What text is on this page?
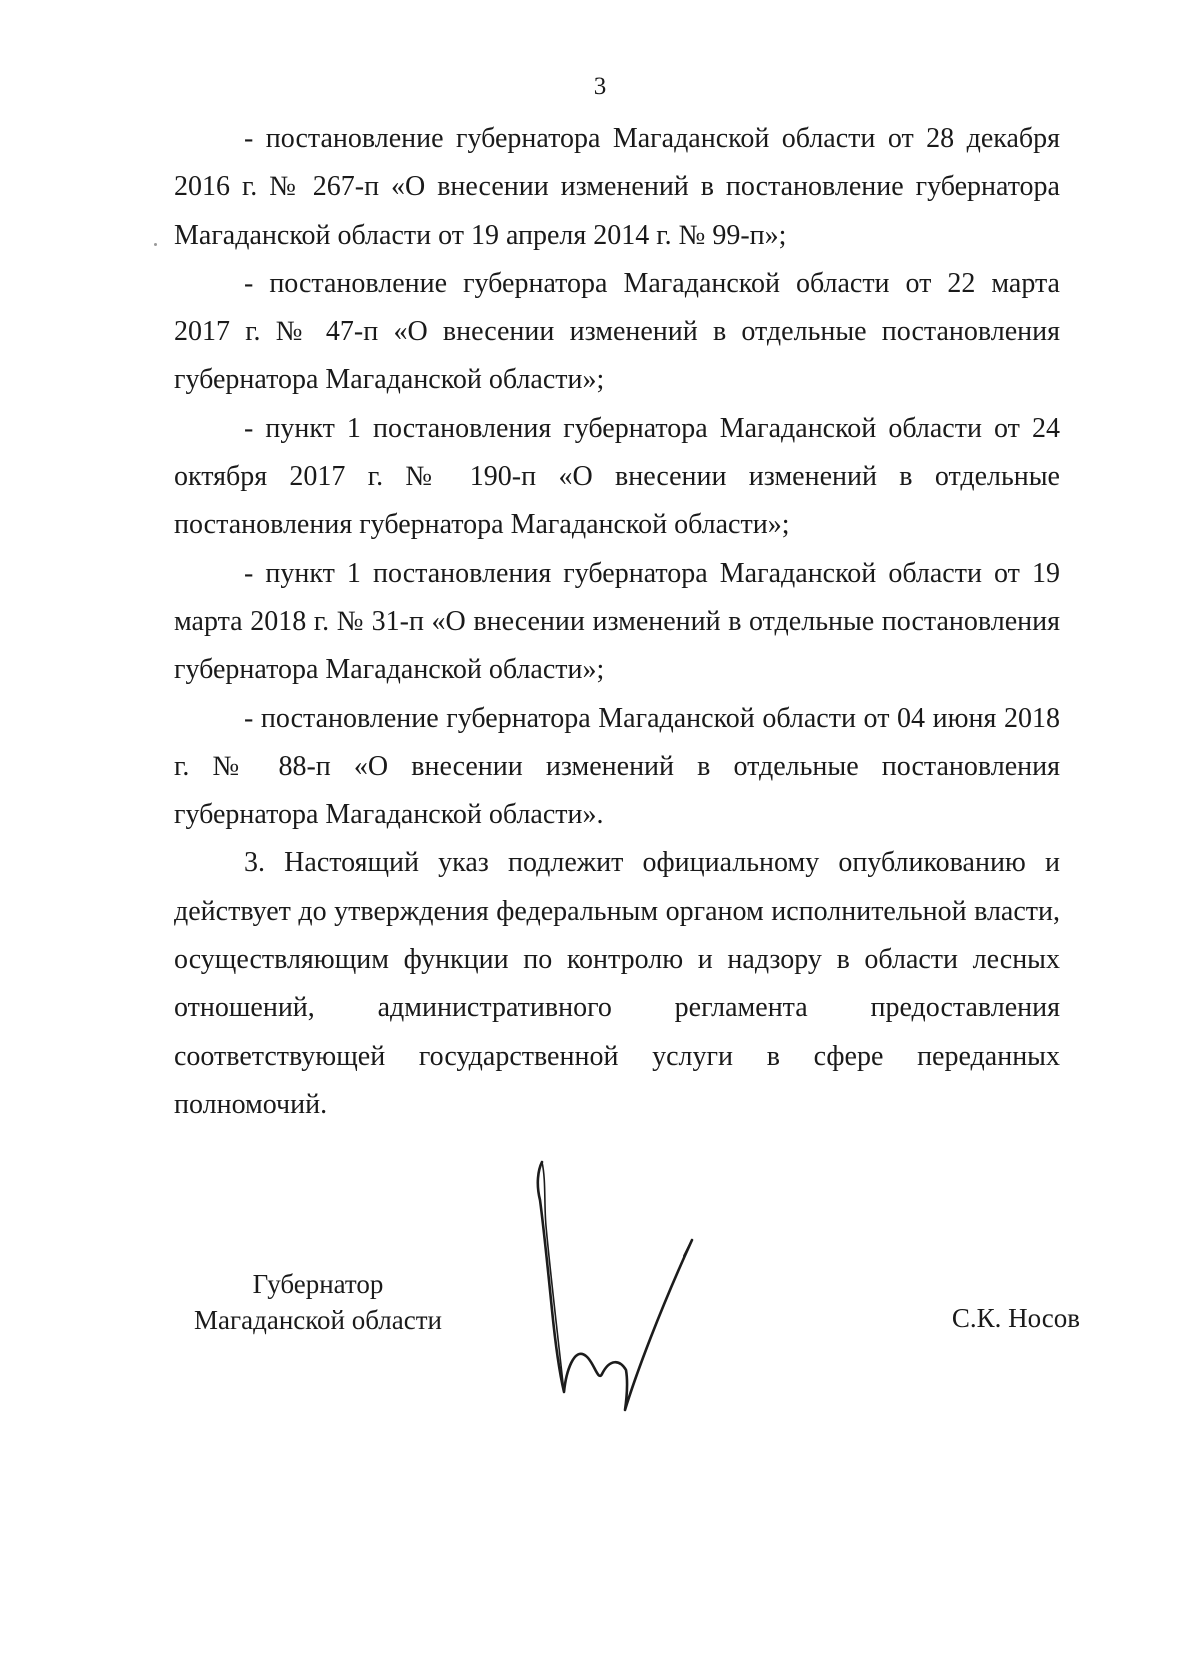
3

- постановление губернатора Магаданской области от 28 декабря 2016 г. № 267-п «О внесении изменений в постановление губернатора Магаданской области от 19 апреля 2014 г. № 99-п»;

- постановление губернатора Магаданской области от 22 марта 2017 г. № 47-п «О внесении изменений в отдельные постановления губернатора Магаданской области»;

- пункт 1 постановления губернатора Магаданской области от 24 октября 2017 г. № 190-п «О внесении изменений в отдельные постановления губернатора Магаданской области»;

- пункт 1 постановления губернатора Магаданской области от 19 марта 2018 г. № 31-п «О внесении изменений в отдельные постановления губернатора Магаданской области»;

- постановление губернатора Магаданской области от 04 июня 2018 г. № 88-п «О внесении изменений в отдельные постановления губернатора Магаданской области».

3. Настоящий указ подлежит официальному опубликованию и действует до утверждения федеральным органом исполнительной власти, осуществляющим функции по контролю и надзору в области лесных отношений, административного регламента предоставления соответствующей государственной услуги в сфере переданных полномочий.

Губернатор
Магаданской области	С.К. Носов
